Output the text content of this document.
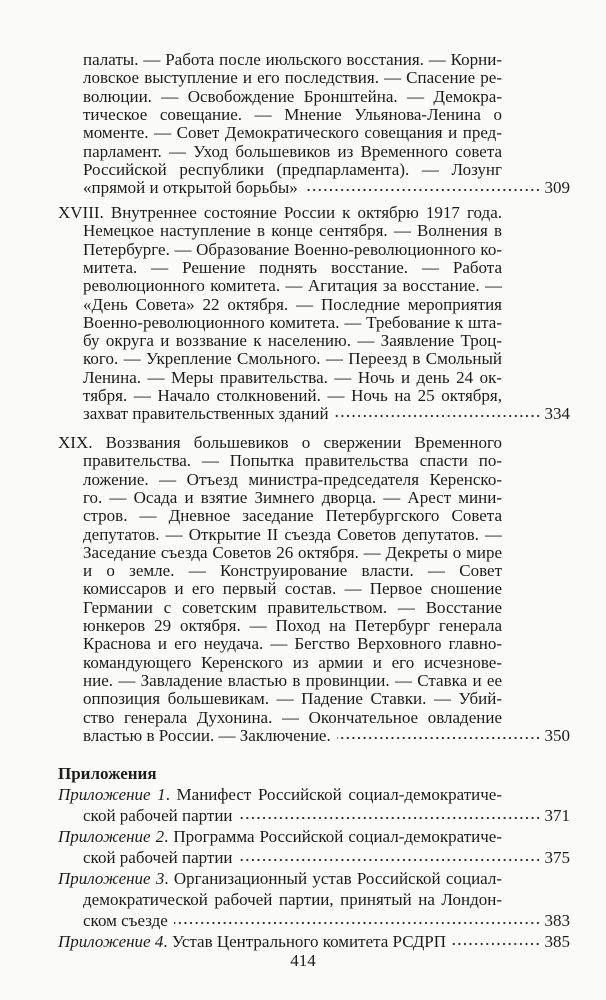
палаты. — Работа после июльского восстания. — Корни-
ловское выступление и его последствия. — Спасение ре-
волюции. — Освобождение Бронштейна. — Демокра-
тическое совещание. — Мнение Ульянова-Ленина о
моменте. — Совет Демократического совещания и пред-
парламент. — Уход большевиков из Временного совета
Российской республики (предпарламента). — Лозунг
«прямой и открытой борьбы»	309
XVIII. Внутреннее состояние России к октябрю 1917 года.
Немецкое наступление в конце сентября. — Волнения в
Петербурге. — Образование Военно-революционного ко-
митета. — Решение поднять восстание. — Работа
революционного комитета. — Агитация за восстание. —
«День Совета» 22 октября. — Последние мероприятия
Военно-революционного комитета. — Требование к шта-
бу округа и воззвание к населению. — Заявление Троц-
кого. — Укрепление Смольного. — Переезд в Смольный
Ленина. — Меры правительства. — Ночь и день 24 ок-
тября. — Начало столкновений. — Ночь на 25 октября,
захват правительственных зданий	334
XIX. Воззвания большевиков о свержении Временного
правительства. — Попытка правительства спасти по-
ложение. — Отъезд министра-председателя Керенско-
го. — Осада и взятие Зимнего дворца. — Арест мини-
стров. — Дневное заседание Петербургского Совета
депутатов. — Открытие II съезда Советов депутатов. —
Заседание съезда Советов 26 октября. — Декреты о мире
и о земле. — Конструирование власти. — Совет
комиссаров и его первый состав. — Первое сношение
Германии с советским правительством. — Восстание
юнкеров 29 октября. — Поход на Петербург генерала
Краснова и его неудача. — Бегство Верховного главно-
командующего Керенского из армии и его исчезнове-
ние. — Завладение властью в провинции. — Ставка и ее
оппозиция большевикам. — Падение Ставки. — Убий-
ство генерала Духонина. — Окончательное овладение
властью в России. — Заключение.	350
Приложение 1. Манифест Российской социал-демократиче-
ской рабочей партии	371
Приложение 2. Программа Российской социал-демократиче-
ской рабочей партии	375
Приложение 3. Организационный устав Российской социал-
демократической рабочей партии, принятый на Лондон-
ском съезде	383
Приложение 4. Устав Центрального комитета РСДРП	385
Приложения
414
